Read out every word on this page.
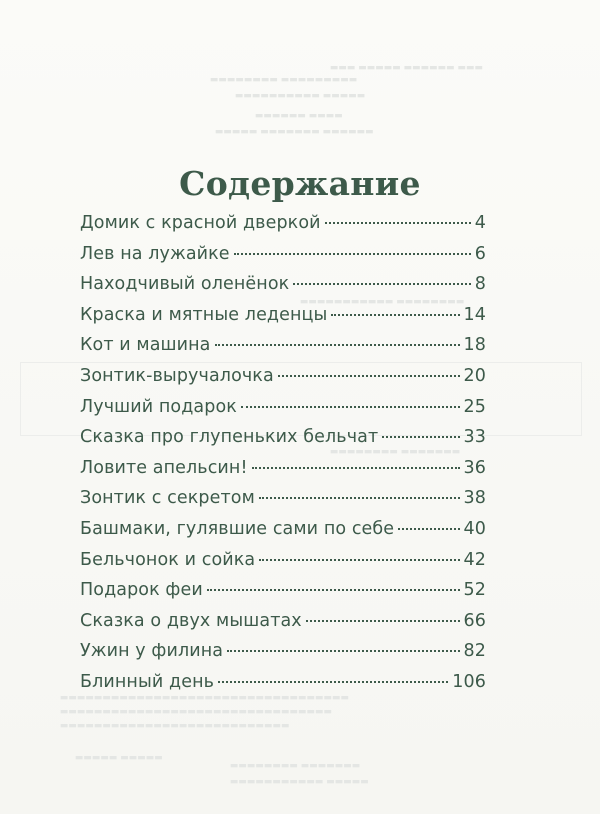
▬▬▬ ▬▬▬▬▬▬ ▬▬▬▬▬ ▬▬▬
▬▬▬▬▬▬▬▬▬ ▬▬▬▬▬▬▬▬
▬▬▬▬▬ ▬▬▬▬▬▬▬▬▬▬
▬▬▬▬ ▬▬▬▬▬▬
▬▬▬▬▬▬ ▬▬▬▬▬▬▬ ▬▬▬▬▬
▬▬▬▬▬▬▬▬ ▬▬▬▬▬▬▬▬▬▬▬
▬▬▬▬▬▬▬ ▬▬▬▬▬▬▬▬
▬▬▬▬▬▬▬▬▬▬▬▬▬▬▬▬▬▬▬▬▬▬▬▬▬▬▬▬▬▬▬▬▬▬
▬▬▬▬▬▬▬▬▬▬▬▬▬▬▬▬▬▬▬▬▬▬▬▬▬▬▬▬▬▬▬▬
▬▬▬▬▬▬▬▬▬▬▬▬▬▬▬▬▬▬▬▬▬▬▬▬▬▬▬
▬▬▬▬▬ ▬▬▬▬▬
▬▬▬▬▬▬▬ ▬▬▬▬▬▬▬▬
▬▬▬▬▬ ▬▬▬▬▬▬▬▬▬▬▬
Содержание
Домик с красной дверкой	4
Лев на лужайке	6
Находчивый оленёнок	8
Краска и мятные леденцы	14
Кот и машина	18
Зонтик-выручалочка	20
Лучший подарок	25
Сказка про глупеньких бельчат	33
Ловите апельсин!	36
Зонтик с секретом	38
Башмаки, гулявшие сами по себе	40
Бельчонок и сойка	42
Подарок феи	52
Сказка о двух мышатах	66
Ужин у филина	82
Блинный день	106
